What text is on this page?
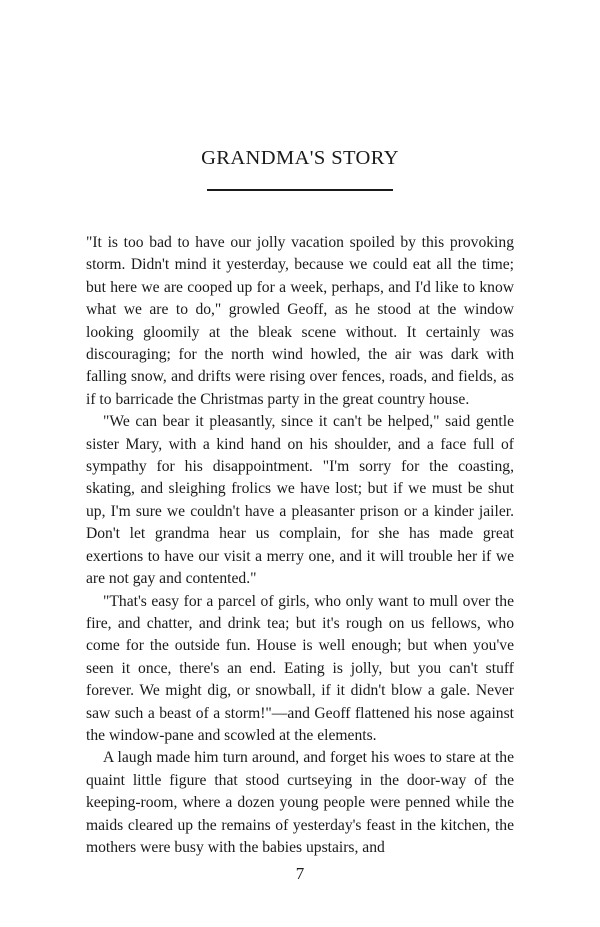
GRANDMA'S STORY

"It is too bad to have our jolly vacation spoiled by this provoking storm. Didn't mind it yesterday, because we could eat all the time; but here we are cooped up for a week, perhaps, and I'd like to know what we are to do," growled Geoff, as he stood at the window looking gloomily at the bleak scene without. It certainly was discouraging; for the north wind howled, the air was dark with falling snow, and drifts were rising over fences, roads, and fields, as if to barricade the Christmas party in the great country house.

"We can bear it pleasantly, since it can't be helped," said gentle sister Mary, with a kind hand on his shoulder, and a face full of sympathy for his disappointment. "I'm sorry for the coasting, skating, and sleighing frolics we have lost; but if we must be shut up, I'm sure we couldn't have a pleasanter prison or a kinder jailer. Don't let grandma hear us complain, for she has made great exertions to have our visit a merry one, and it will trouble her if we are not gay and contented."

"That's easy for a parcel of girls, who only want to mull over the fire, and chatter, and drink tea; but it's rough on us fellows, who come for the outside fun. House is well enough; but when you've seen it once, there's an end. Eating is jolly, but you can't stuff forever. We might dig, or snowball, if it didn't blow a gale. Never saw such a beast of a storm!"—and Geoff flattened his nose against the window-pane and scowled at the elements.

A laugh made him turn around, and forget his woes to stare at the quaint little figure that stood curtseying in the door-way of the keeping-room, where a dozen young people were penned while the maids cleared up the remains of yesterday's feast in the kitchen, the mothers were busy with the babies upstairs, and

7
